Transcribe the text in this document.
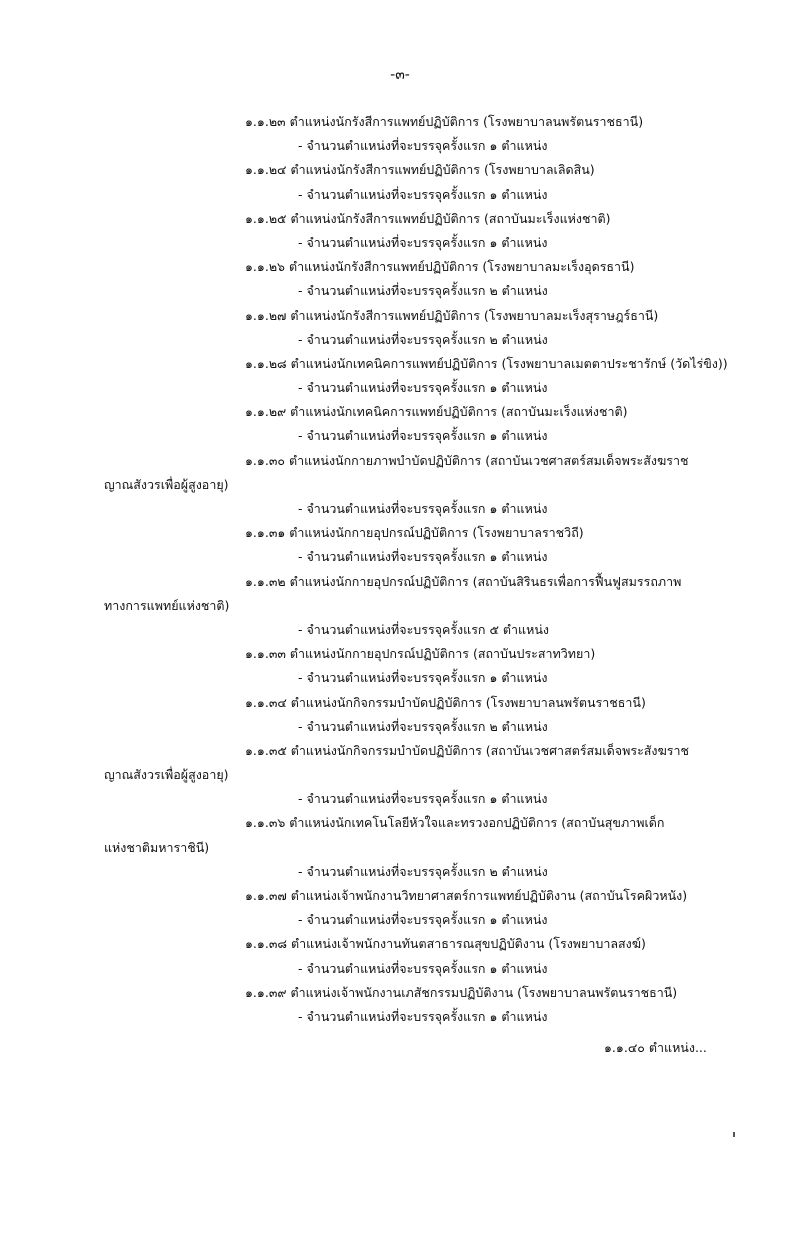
-๓-
๑.๑.๒๓ ตำแหน่งนักรังสีการแพทย์ปฏิบัติการ (โรงพยาบาลนพรัตนราชธานี)
- จำนวนตำแหน่งที่จะบรรจุครั้งแรก ๑ ตำแหน่ง
๑.๑.๒๔ ตำแหน่งนักรังสีการแพทย์ปฏิบัติการ (โรงพยาบาลเลิดสิน)
- จำนวนตำแหน่งที่จะบรรจุครั้งแรก ๑ ตำแหน่ง
๑.๑.๒๕ ตำแหน่งนักรังสีการแพทย์ปฏิบัติการ (สถาบันมะเร็งแห่งชาติ)
- จำนวนตำแหน่งที่จะบรรจุครั้งแรก ๑ ตำแหน่ง
๑.๑.๒๖ ตำแหน่งนักรังสีการแพทย์ปฏิบัติการ (โรงพยาบาลมะเร็งอุดรธานี)
- จำนวนตำแหน่งที่จะบรรจุครั้งแรก ๒ ตำแหน่ง
๑.๑.๒๗ ตำแหน่งนักรังสีการแพทย์ปฏิบัติการ (โรงพยาบาลมะเร็งสุราษฎร์ธานี)
- จำนวนตำแหน่งที่จะบรรจุครั้งแรก ๒ ตำแหน่ง
๑.๑.๒๘ ตำแหน่งนักเทคนิคการแพทย์ปฏิบัติการ (โรงพยาบาลเมตตาประชารักษ์ (วัดไร่ขิง))
- จำนวนตำแหน่งที่จะบรรจุครั้งแรก ๑ ตำแหน่ง
๑.๑.๒๙ ตำแหน่งนักเทคนิคการแพทย์ปฏิบัติการ (สถาบันมะเร็งแห่งชาติ)
- จำนวนตำแหน่งที่จะบรรจุครั้งแรก ๑ ตำแหน่ง
๑.๑.๓๐ ตำแหน่งนักกายภาพบำบัดปฏิบัติการ (สถาบันเวชศาสตร์สมเด็จพระสังฆราช
ญาณสังวรเพื่อผู้สูงอายุ)
- จำนวนตำแหน่งที่จะบรรจุครั้งแรก ๑ ตำแหน่ง
๑.๑.๓๑ ตำแหน่งนักกายอุปกรณ์ปฏิบัติการ (โรงพยาบาลราชวิถี)
- จำนวนตำแหน่งที่จะบรรจุครั้งแรก ๑ ตำแหน่ง
๑.๑.๓๒ ตำแหน่งนักกายอุปกรณ์ปฏิบัติการ (สถาบันสิรินธรเพื่อการฟื้นฟูสมรรถภาพ
ทางการแพทย์แห่งชาติ)
- จำนวนตำแหน่งที่จะบรรจุครั้งแรก ๕ ตำแหน่ง
๑.๑.๓๓ ตำแหน่งนักกายอุปกรณ์ปฏิบัติการ (สถาบันประสาทวิทยา)
- จำนวนตำแหน่งที่จะบรรจุครั้งแรก ๑ ตำแหน่ง
๑.๑.๓๔ ตำแหน่งนักกิจกรรมบำบัดปฏิบัติการ (โรงพยาบาลนพรัตนราชธานี)
- จำนวนตำแหน่งที่จะบรรจุครั้งแรก ๒ ตำแหน่ง
๑.๑.๓๕ ตำแหน่งนักกิจกรรมบำบัดปฏิบัติการ (สถาบันเวชศาสตร์สมเด็จพระสังฆราช
ญาณสังวรเพื่อผู้สูงอายุ)
- จำนวนตำแหน่งที่จะบรรจุครั้งแรก ๑ ตำแหน่ง
๑.๑.๓๖ ตำแหน่งนักเทคโนโลยีหัวใจและทรวงอกปฏิบัติการ (สถาบันสุขภาพเด็ก
แห่งชาติมหาราชินี)
- จำนวนตำแหน่งที่จะบรรจุครั้งแรก ๒ ตำแหน่ง
๑.๑.๓๗ ตำแหน่งเจ้าพนักงานวิทยาศาสตร์การแพทย์ปฏิบัติงาน (สถาบันโรคผิวหนัง)
- จำนวนตำแหน่งที่จะบรรจุครั้งแรก ๑ ตำแหน่ง
๑.๑.๓๘ ตำแหน่งเจ้าพนักงานทันตสาธารณสุขปฏิบัติงาน (โรงพยาบาลสงฆ์)
- จำนวนตำแหน่งที่จะบรรจุครั้งแรก ๑ ตำแหน่ง
๑.๑.๓๙ ตำแหน่งเจ้าพนักงานเภสัชกรรมปฏิบัติงาน (โรงพยาบาลนพรัตนราชธานี)
- จำนวนตำแหน่งที่จะบรรจุครั้งแรก ๑ ตำแหน่ง
๑.๑.๔๐ ตำแหน่ง...
